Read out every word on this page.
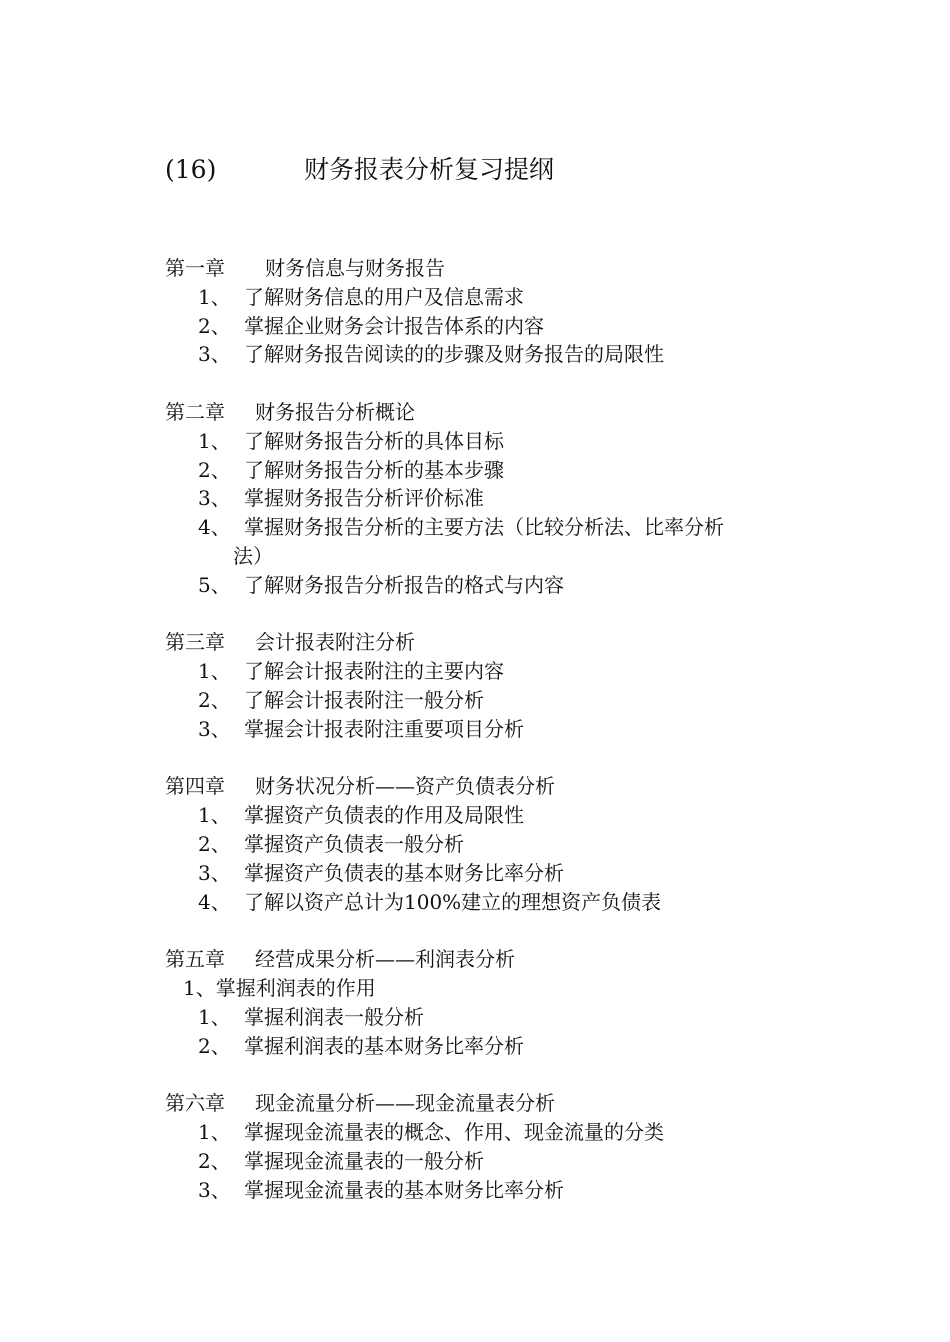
(16)	财务报表分析复习提纲
第一章 财务信息与财务报告
1、 了解财务信息的用户及信息需求
2、 掌握企业财务会计报告体系的内容
3、 了解财务报告阅读的的步骤及财务报告的局限性
第二章 财务报告分析概论
1、 了解财务报告分析的具体目标
2、 了解财务报告分析的基本步骤
3、 掌握财务报告分析评价标准
4、 掌握财务报告分析的主要方法（比较分析法、比率分析
法）
5、 了解财务报告分析报告的格式与内容
第三章 会计报表附注分析
1、 了解会计报表附注的主要内容
2、 了解会计报表附注一般分析
3、 掌握会计报表附注重要项目分析
第四章 财务状况分析——资产负债表分析
1、 掌握资产负债表的作用及局限性
2、 掌握资产负债表一般分析
3、 掌握资产负债表的基本财务比率分析
4、 了解以资产总计为100%建立的理想资产负债表
第五章 经营成果分析——利润表分析
1、掌握利润表的作用
1、 掌握利润表一般分析
2、 掌握利润表的基本财务比率分析
第六章 现金流量分析——现金流量表分析
1、 掌握现金流量表的概念、作用、现金流量的分类
2、 掌握现金流量表的一般分析
3、 掌握现金流量表的基本财务比率分析
